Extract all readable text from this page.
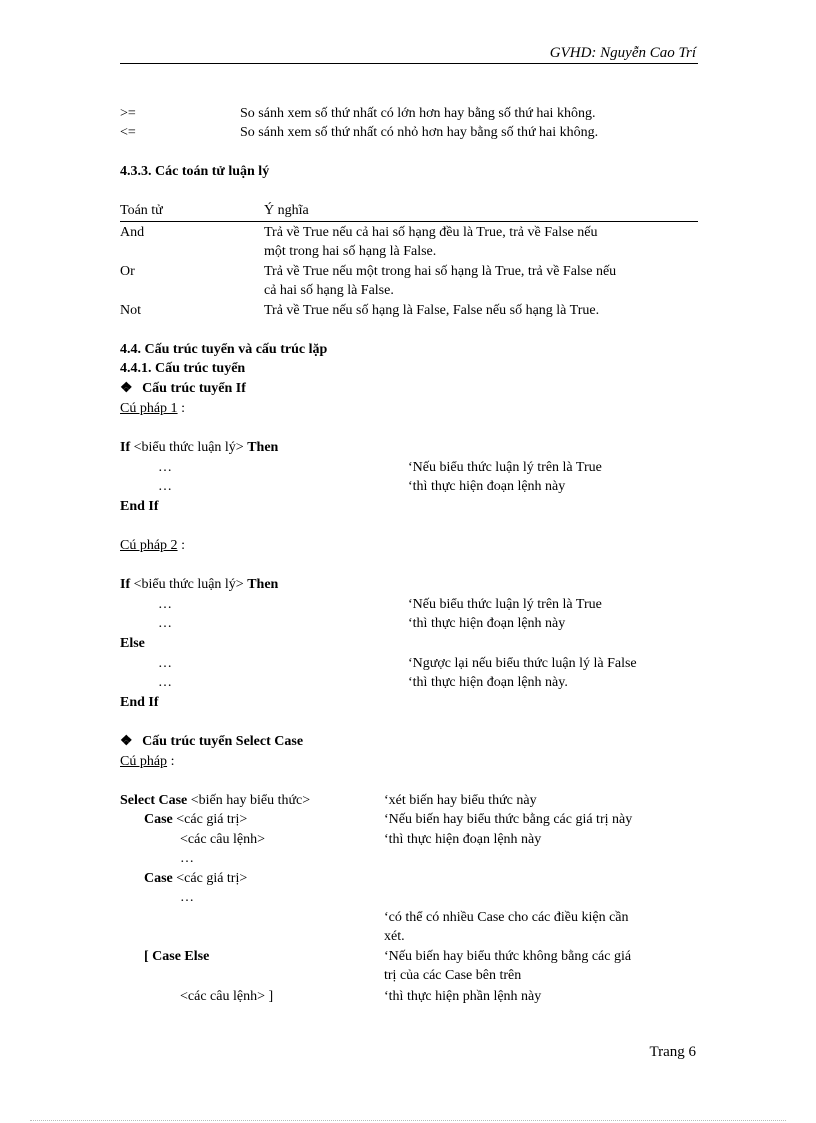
GVHD: Nguyễn Cao Trí
>=	So sánh xem số thứ nhất có lớn hơn hay bằng số thứ hai không.
<=	So sánh xem số thứ nhất có nhỏ hơn hay bằng số thứ hai không.
4.3.3. Các toán tử luận lý
Toán tử	Ý nghĩa
And	Trả về True nếu cả hai số hạng đều là True, trả về False nếu
một trong hai số hạng là False.
Or	Trả về True nếu một trong hai số hạng là True, trả về False nếu
cả hai số hạng là False.
Not	Trả về True nếu số hạng là False, False nếu số hạng là True.
4.4. Cấu trúc tuyển và cấu trúc lặp
4.4.1. Cấu trúc tuyển
❖ Cấu trúc tuyển If
Cú pháp 1 :
If <biểu thức luận lý> Then
…	‘Nếu biểu thức luận lý trên là True
…	‘thì thực hiện đoạn lệnh này
End If
Cú pháp 2 :
If <biểu thức luận lý> Then
…	‘Nếu biểu thức luận lý trên là True
…	‘thì thực hiện đoạn lệnh này
Else
…	‘Ngược lại nếu biểu thức luận lý là False
…	‘thì thực hiện đoạn lệnh này.
End If
❖ Cấu trúc tuyển Select Case
Cú pháp :
Select Case <biến hay biểu thức>	‘xét biến hay biểu thức này
Case <các giá trị>	‘Nếu biến hay biểu thức bằng các giá trị này
<các câu lệnh>	‘thì thực hiện đoạn lệnh này
…
Case <các giá trị>
…
‘có thể có nhiều Case cho các điều kiện cần
xét.
[ Case Else	‘Nếu biến hay biểu thức không bằng các giá
trị của các Case bên trên
<các câu lệnh> ]	‘thì thực hiện phần lệnh này
Trang 6
